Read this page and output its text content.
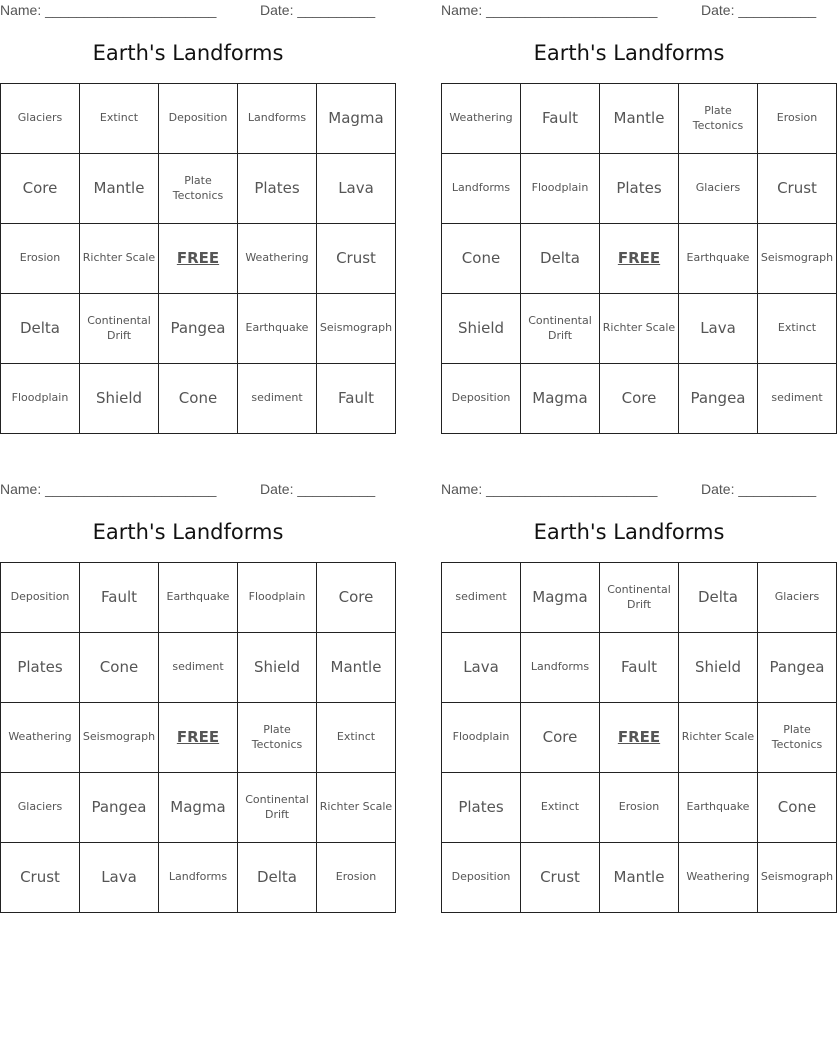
Name: ______________________	Date: __________
Earth's Landforms
Glaciers	Extinct	Deposition	Landforms	Magma
Core	Mantle	Plate Tectonics	Plates	Lava
Erosion	Richter Scale	FREE	Weathering	Crust
Delta	Continental Drift	Pangea	Earthquake	Seismograph
Floodplain	Shield	Cone	sediment	Fault
Name: ______________________	Date: __________
Earth's Landforms
Weathering	Fault	Mantle	Plate Tectonics	Erosion
Landforms	Floodplain	Plates	Glaciers	Crust
Cone	Delta	FREE	Earthquake	Seismograph
Shield	Continental Drift	Richter Scale	Lava	Extinct
Deposition	Magma	Core	Pangea	sediment
Name: ______________________	Date: __________
Earth's Landforms
Deposition	Fault	Earthquake	Floodplain	Core
Plates	Cone	sediment	Shield	Mantle
Weathering	Seismograph	FREE	Plate Tectonics	Extinct
Glaciers	Pangea	Magma	Continental Drift	Richter Scale
Crust	Lava	Landforms	Delta	Erosion
Name: ______________________	Date: __________
Earth's Landforms
sediment	Magma	Continental Drift	Delta	Glaciers
Lava	Landforms	Fault	Shield	Pangea
Floodplain	Core	FREE	Richter Scale	Plate Tectonics
Plates	Extinct	Erosion	Earthquake	Cone
Deposition	Crust	Mantle	Weathering	Seismograph
